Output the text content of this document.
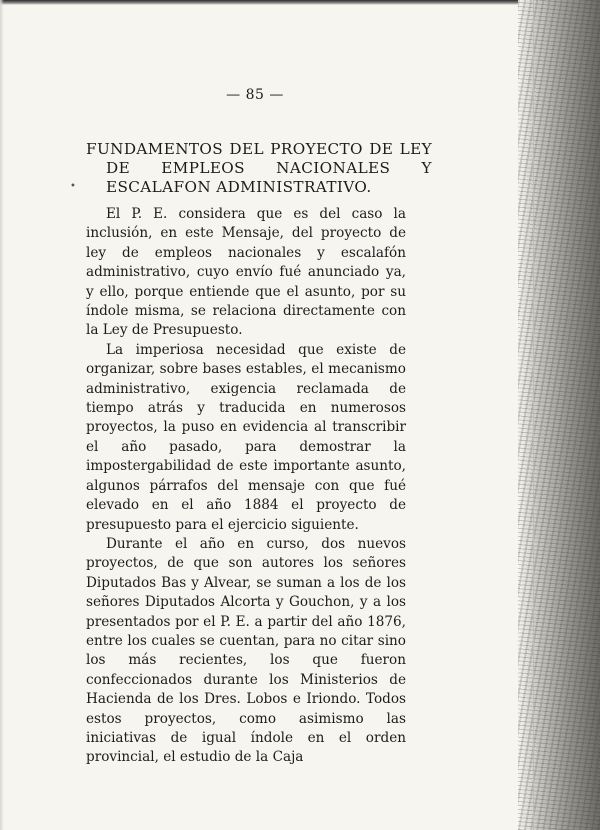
— 85 —
•
FUNDAMENTOS DEL PROYECTO DE LEY DE EMPLEOS NACIONALES Y ESCALAFON ADMINISTRATIVO.

El P. E. considera que es del caso la inclusión, en este Mensaje, del proyecto de ley de empleos nacionales y escalafón administrativo, cuyo envío fué anunciado ya, y ello, porque entiende que el asunto, por su índole misma, se relaciona directamente con la Ley de Presupuesto.

La imperiosa necesidad que existe de organizar, sobre bases estables, el mecanismo administrativo, exigencia reclamada de tiempo atrás y traducida en numerosos proyectos, la puso en evidencia al transcribir el año pasado, para demostrar la impostergabilidad de este importante asunto, algunos párrafos del mensaje con que fué elevado en el año 1884 el proyecto de presupuesto para el ejercicio siguiente.

Durante el año en curso, dos nuevos proyectos, de que son autores los señores Diputados Bas y Alvear, se suman a los de los señores Diputados Alcorta y Gouchon, y a los presentados por el P. E. a partir del año 1876, entre los cuales se cuentan, para no citar sino los más recientes, los que fueron confeccionados durante los Ministerios de Hacienda de los Dres. Lobos e Iriondo. Todos estos proyectos, como asimismo las iniciativas de igual índole en el orden provincial, el estudio de la Caja
